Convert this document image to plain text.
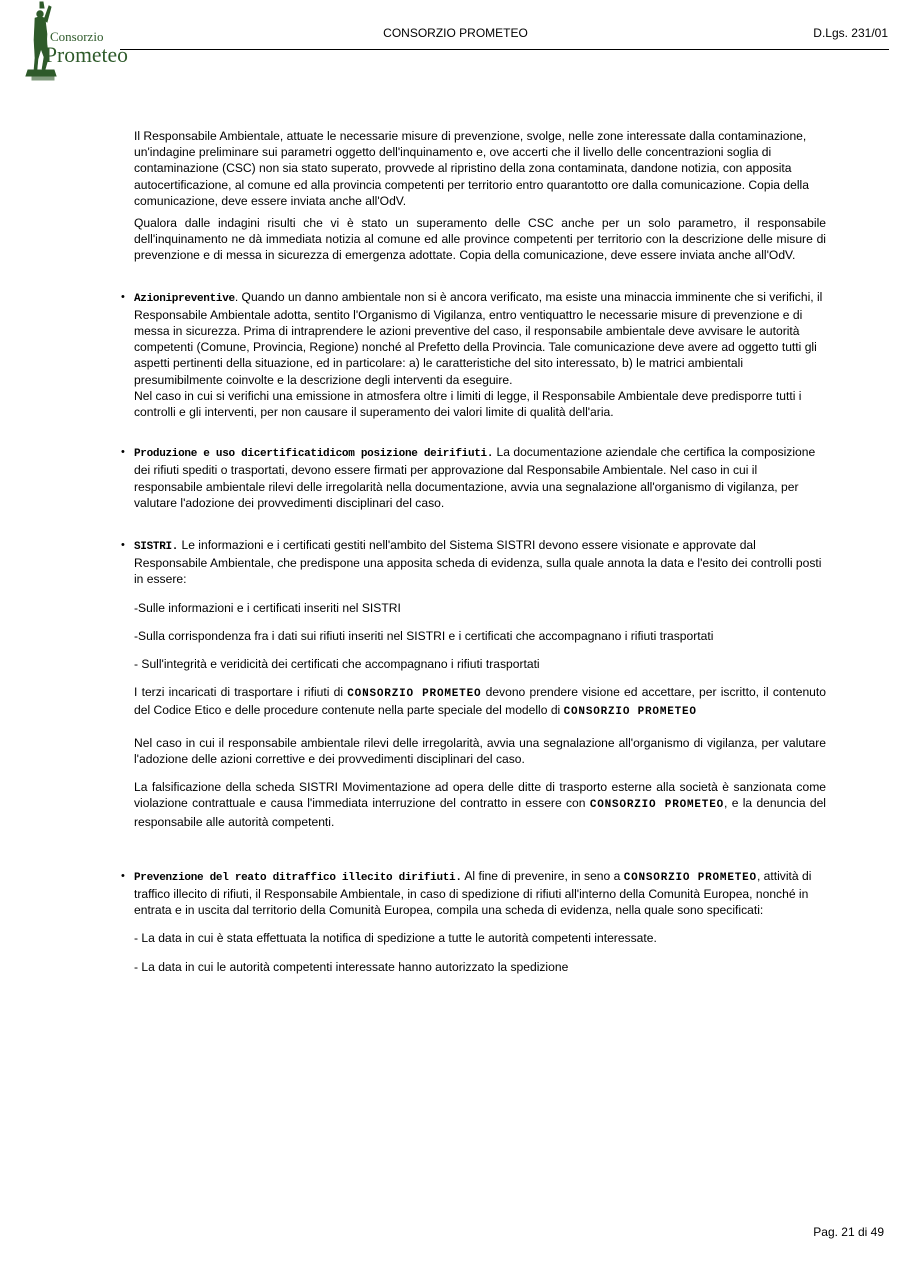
Consorzio
Prometeo
CONSORZIO PROMETEO	D.Lgs. 231/01

Il Responsabile Ambientale, attuate le necessarie misure di prevenzione, svolge, nelle zone interessate dalla contaminazione, un'indagine preliminare sui parametri oggetto dell'inquinamento e, ove accerti che il livello delle concentrazioni soglia di contaminazione (CSC) non sia stato superato, provvede al ripristino della zona contaminata, dandone notizia, con apposita autocertificazione, al comune ed alla provincia competenti per territorio entro quarantotto ore dalla comunicazione. Copia della comunicazione, deve essere inviata anche all'OdV.

Qualora dalle indagini risulti che vi è stato un superamento delle CSC anche per un solo parametro, il responsabile dell'inquinamento ne dà immediata notizia al comune ed alle province competenti per territorio con la descrizione delle misure di prevenzione e di messa in sicurezza di emergenza adottate. Copia della comunicazione, deve essere inviata anche all'OdV.

• Azionipreventive. Quando un danno ambientale non si è ancora verificato, ma esiste una minaccia imminente che si verifichi, il Responsabile Ambientale adotta, sentito l'Organismo di Vigilanza, entro ventiquattro le necessarie misure di prevenzione e di messa in sicurezza. Prima di intraprendere le azioni preventive del caso, il responsabile ambientale deve avvisare le autorità competenti (Comune, Provincia, Regione) nonché al Prefetto della Provincia. Tale comunicazione deve avere ad oggetto tutti gli aspetti pertinenti della situazione, ed in particolare: a) le caratteristiche del sito interessato, b) le matrici ambientali presumibilmente coinvolte e la descrizione degli interventi da eseguire.

Nel caso in cui si verifichi una emissione in atmosfera oltre i limiti di legge, il Responsabile Ambientale deve predisporre tutti i controlli e gli interventi, per non causare il superamento dei valori limite di qualità dell'aria.

• Produzione e uso dicertificatidicom posizione deirifiuti. La documentazione aziendale che certifica la composizione dei rifiuti spediti o trasportati, devono essere firmati per approvazione dal Responsabile Ambientale. Nel caso in cui il responsabile ambientale rilevi delle irregolarità nella documentazione, avvia una segnalazione all'organismo di vigilanza, per valutare l'adozione dei provvedimenti disciplinari del caso.

• SISTRI. Le informazioni e i certificati gestiti nell'ambito del Sistema SISTRI devono essere visionate e approvate dal Responsabile Ambientale, che predispone una apposita scheda di evidenza, sulla quale annota la data e l'esito dei controlli posti in essere:

-Sulle informazioni e i certificati inseriti nel SISTRI

-Sulla corrispondenza fra i dati sui rifiuti inseriti nel SISTRI e i certificati che accompagnano i rifiuti trasportati

- Sull'integrità e veridicità dei certificati che accompagnano i rifiuti trasportati

I terzi incaricati di trasportare i rifiuti di CONSORZIO PROMETEO devono prendere visione ed accettare, per iscritto, il contenuto del Codice Etico e delle procedure contenute nella parte speciale del modello di CONSORZIO PROMETEO

Nel caso in cui il responsabile ambientale rilevi delle irregolarità, avvia una segnalazione all'organismo di vigilanza, per valutare l'adozione delle azioni correttive e dei provvedimenti disciplinari del caso.

La falsificazione della scheda SISTRI Movimentazione ad opera delle ditte di trasporto esterne alla società è sanzionata come violazione contrattuale e causa l'immediata interruzione del contratto in essere con CONSORZIO PROMETEO, e la denuncia del responsabile alle autorità competenti.

• Prevenzione del reato ditraffico illecito dirifiuti. Al fine di prevenire, in seno a CONSORZIO PROMETEO, attività di traffico illecito di rifiuti, il Responsabile Ambientale, in caso di spedizione di rifiuti all'interno della Comunità Europea, nonché in entrata e in uscita dal territorio della Comunità Europea, compila una scheda di evidenza, nella quale sono specificati:

- La data in cui è stata effettuata la notifica di spedizione a tutte le autorità competenti interessate.

- La data in cui le autorità competenti interessate hanno autorizzato la spedizione

Pag. 21 di 49
